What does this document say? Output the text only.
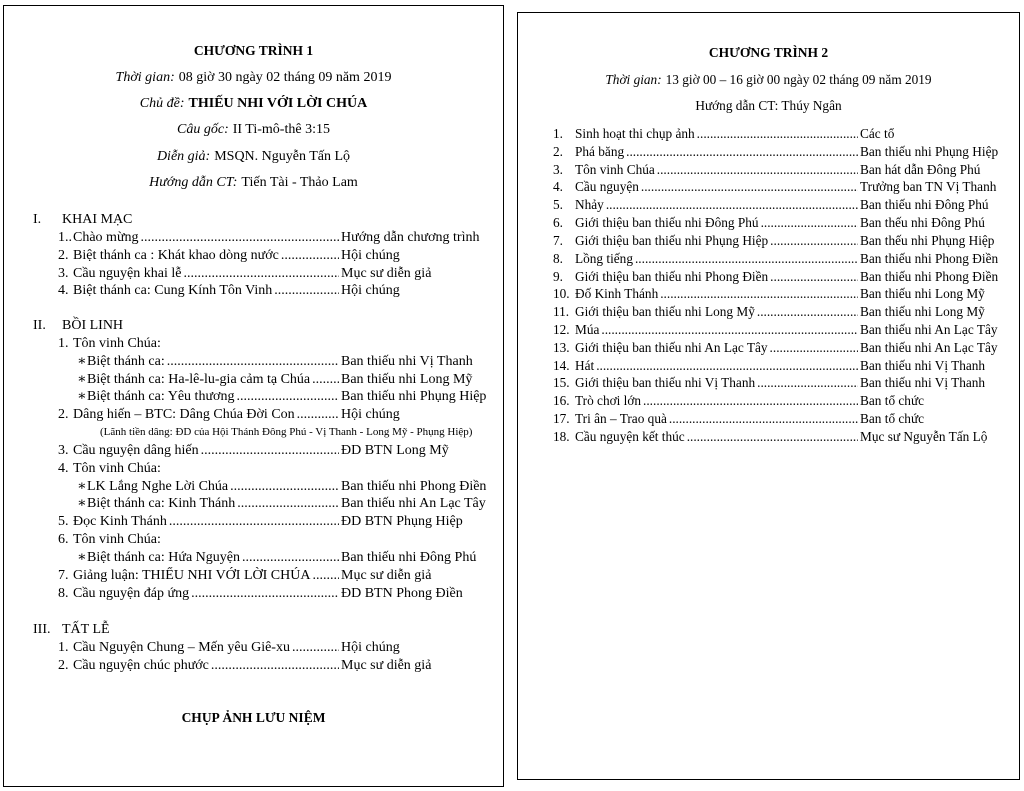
CHƯƠNG TRÌNH 1
Thời gian: 08 giờ 30 ngày 02 tháng 09 năm 2019
Chủ đề: THIẾU NHI VỚI LỜI CHÚA
Câu gốc: II Ti-mô-thê 3:15
Diễn giả: MSQN. Nguyễn Tấn Lộ
Hướng dẫn CT: Tiến Tài - Thảo Lam
I. KHAI MẠC
1.. Chào mừng .....	Hướng dẫn chương trình
2. Biệt thánh ca : Khát khao dòng nước .....	Hội chúng
3. Cầu nguyện khai lễ .....	Mục sư diễn giả
4. Biệt thánh ca: Cung Kính Tôn Vinh .....	Hội chúng
II. BỒI LINH
1. Tôn vinh Chúa:
∗ Biệt thánh ca: .....	Ban thiếu nhi Vị Thanh
∗ Biệt thánh ca: Ha-lê-lu-gia cảm tạ Chúa ..... Ban thiếu nhi Long Mỹ
∗ Biệt thánh ca: Yêu thương .....	Ban thiếu nhi Phụng Hiệp
2. Dâng hiến – BTC: Dâng Chúa Đời Con .....	Hội chúng
(Lãnh tiền dâng: ĐD của Hội Thánh Đông Phú - Vị Thanh - Long Mỹ - Phụng Hiệp)
3. Cầu nguyện dâng hiến .....	ĐD BTN Long Mỹ
4. Tôn vinh Chúa:
∗ LK Lắng Nghe Lời Chúa .....	Ban thiếu nhi Phong Điền
∗ Biệt thánh ca: Kinh Thánh .....	Ban thiếu nhi An Lạc Tây
5. Đọc Kinh Thánh .....	ĐD BTN Phụng Hiệp
6. Tôn vinh Chúa:
∗ Biệt thánh ca: Hứa Nguyện .....	Ban thiếu nhi Đông Phú
7. Giảng luận: THIẾU NHI VỚI LỜI CHÚA ..... Mục sư diễn giả
8. Cầu nguyện đáp ứng .....	ĐD BTN Phong Điền
III. TẤT LỄ
1. Cầu Nguyện Chung – Mến yêu Giê-xu .....	Hội chúng
2. Cầu nguyện chúc phước .....	Mục sư diễn giả
CHỤP ẢNH LƯU NIỆM
CHƯƠNG TRÌNH 2
Thời gian: 13 giờ 00 – 16 giờ 00 ngày 02 tháng 09 năm 2019
Hướng dẫn CT: Thúy Ngân
1. Sinh hoạt thi chụp ảnh .....	Các tổ
2. Phá băng .....	Ban thiếu nhi Phụng Hiệp
3. Tôn vinh Chúa .....	Ban hát dẫn Đông Phú
4. Cầu nguyện .....	Trưởng ban TN Vị Thanh
5. Nhảy .....	Ban thiếu nhi Đông Phú
6. Giới thiệu ban thiếu nhi Đông Phú .....	Ban thếu nhi Đông Phú
7. Giới thiệu ban thiếu nhi Phụng Hiệp .....	Ban thếu nhi Phụng Hiệp
8. Lồng tiếng .....	Ban thiếu nhi Phong Điền
9. Giới thiệu ban thiếu nhi Phong Điền .....	Ban thiếu nhi Phong Điền
10. Đố Kinh Thánh .....	Ban thiếu nhi Long Mỹ
11. Giới thiệu ban thiếu nhi Long Mỹ .....	Ban thiếu nhi Long Mỹ
12. Múa .....	Ban thiếu nhi An Lạc Tây
13. Giới thiệu ban thiếu nhi An Lạc Tây .....	Ban thiếu nhi An Lạc Tây
14. Hát .....	Ban thiếu nhi Vị Thanh
15. Giới thiệu ban thiếu nhi Vị Thanh .....	Ban thiếu nhi Vị Thanh
16. Trò chơi lớn .....	Ban tổ chức
17. Tri ân – Trao quà .....	Ban tổ chức
18. Cầu nguyện kết thúc .....	Mục sư Nguyễn Tấn Lộ
